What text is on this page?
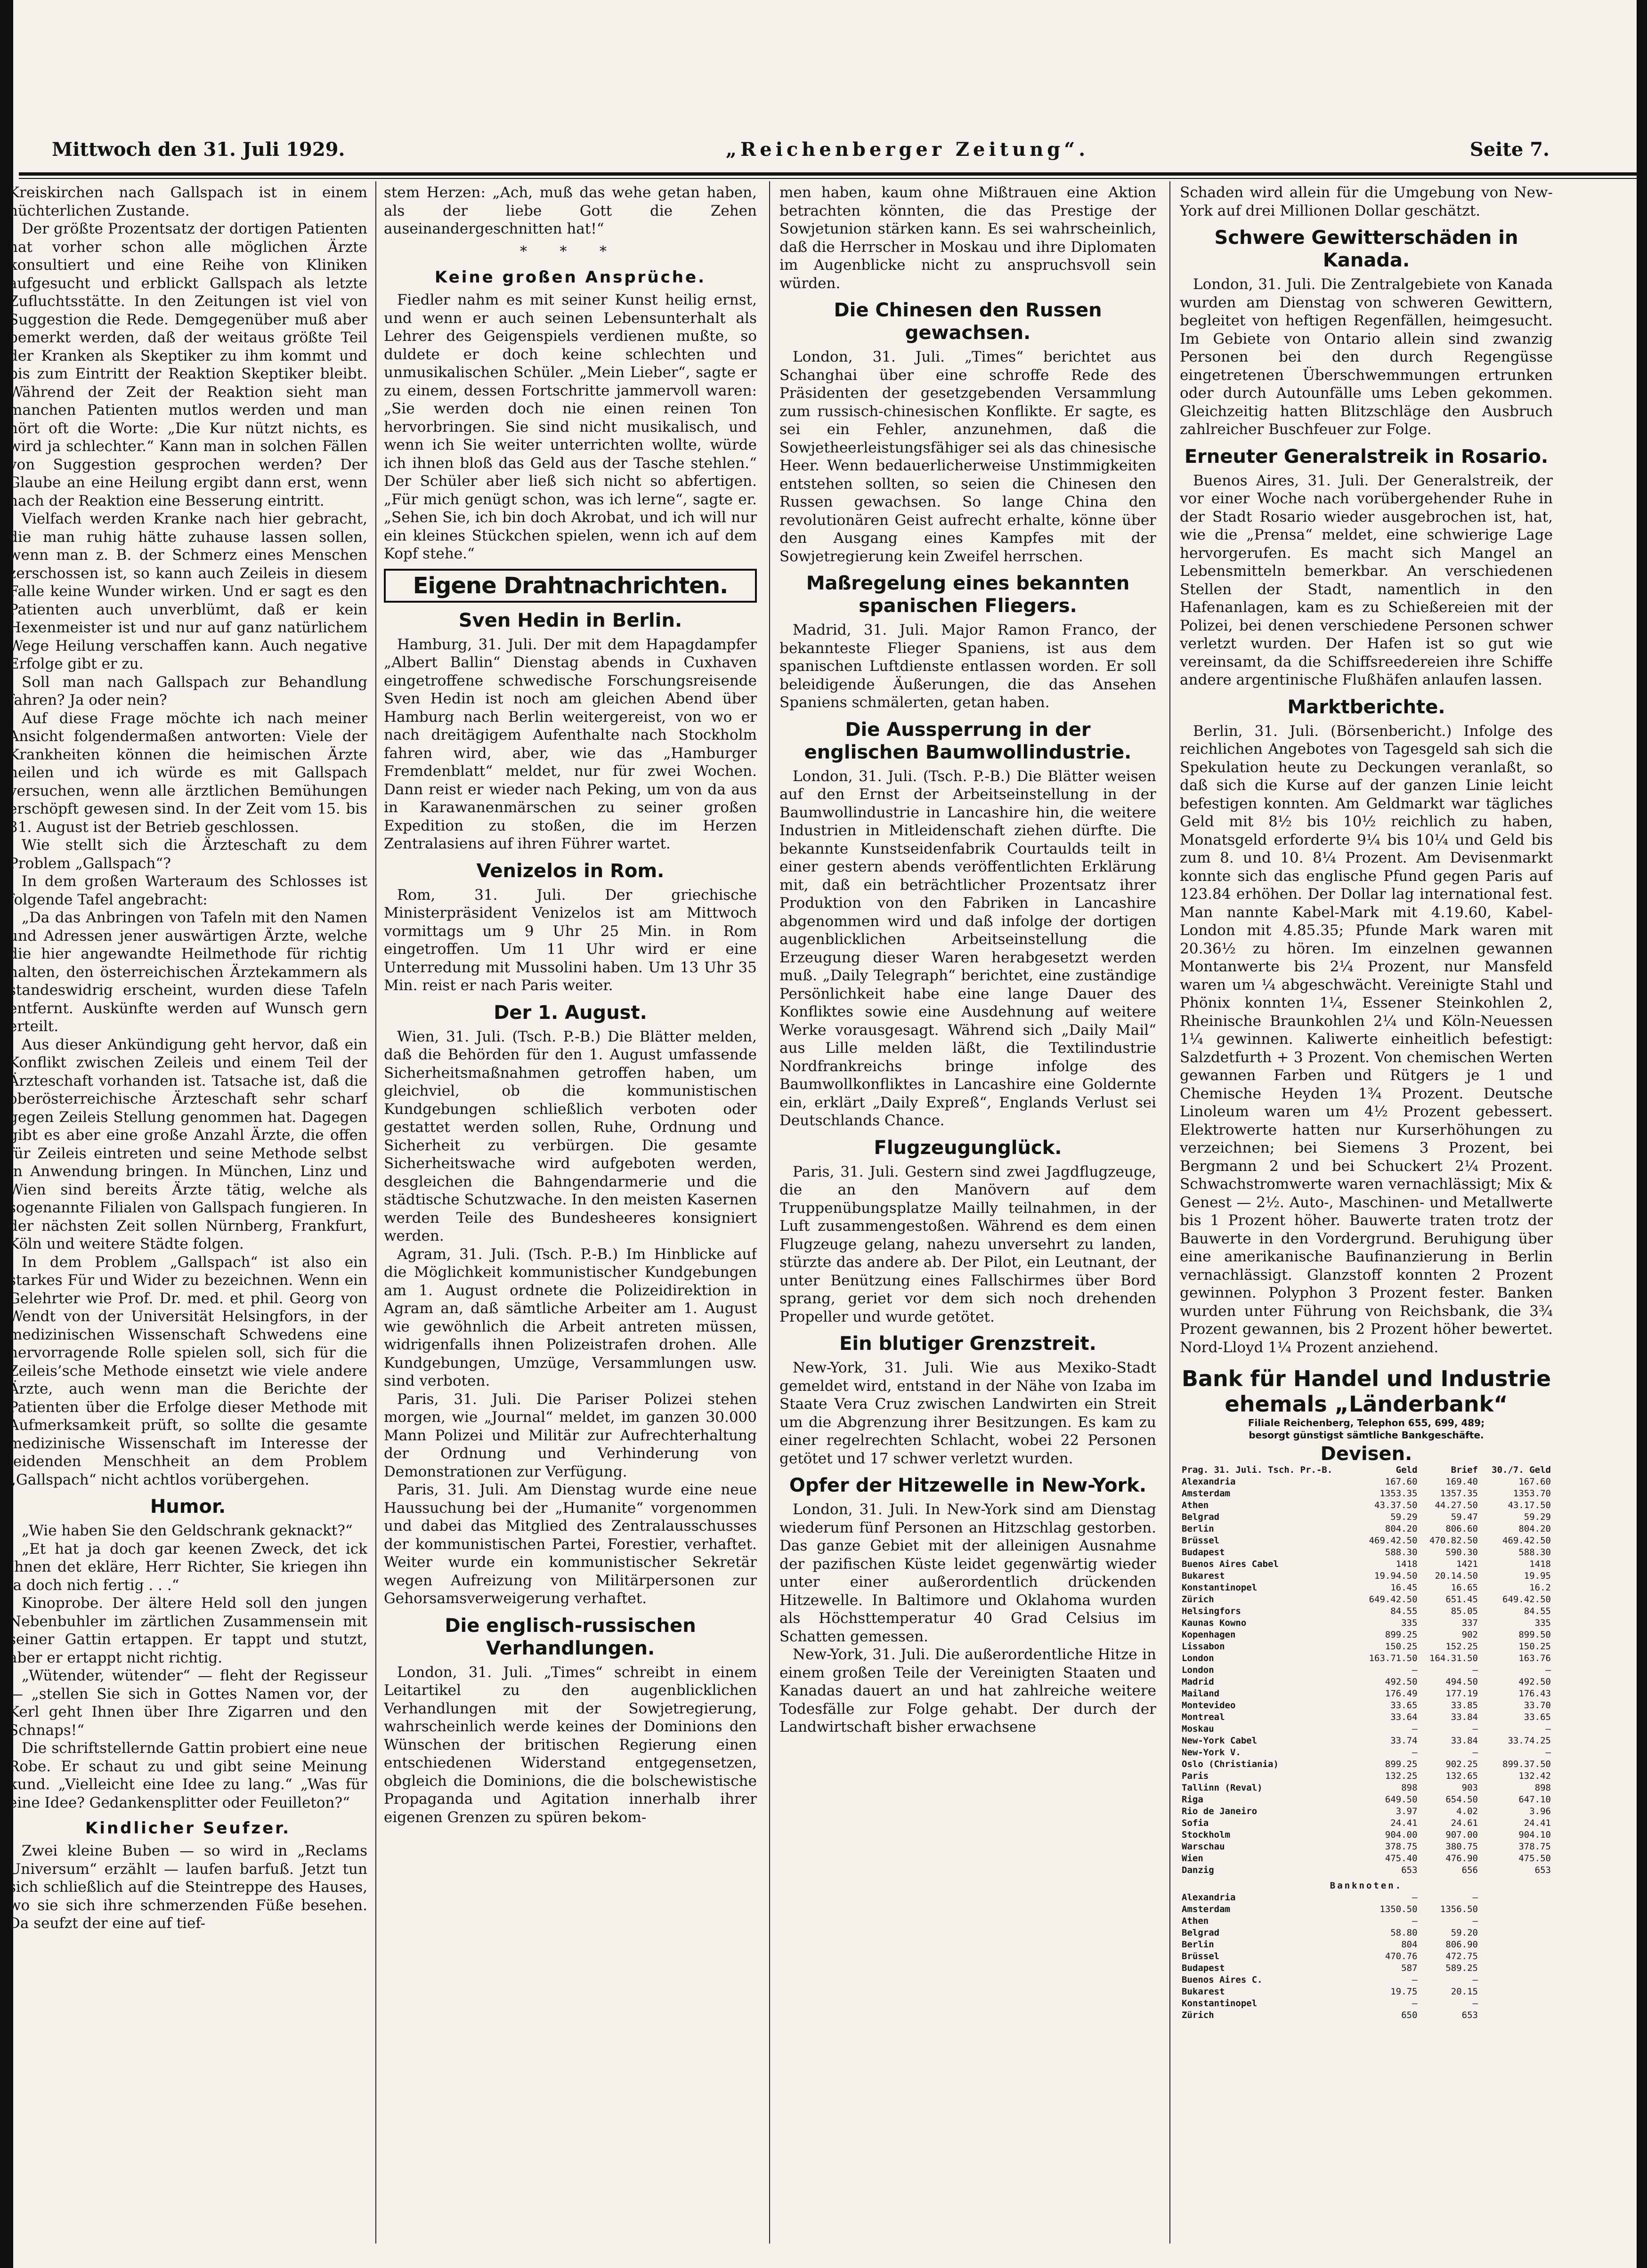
Mittwoch den 31. Juli 1929.	„Reichenberger Zeitung“.	Seite 7.

Kreiskirchen nach Gallspach ist in einem nüchterlichen Zustande.

Der größte Prozentsatz der dortigen Patienten hat vorher schon alle möglichen Ärzte konsultiert und eine Reihe von Kliniken aufgesucht und erblickt Gallspach als letzte Zufluchtsstätte. In den Zeitungen ist viel von Suggestion die Rede. Demgegenüber muß aber bemerkt werden, daß der weitaus größte Teil der Kranken als Skeptiker zu ihm kommt und bis zum Eintritt der Reaktion Skeptiker bleibt. Während der Zeit der Reaktion sieht man manchen Patienten mutlos werden und man hört oft die Worte: „Die Kur nützt nichts, es wird ja schlechter.“ Kann man in solchen Fällen von Suggestion gesprochen werden? Der Glaube an eine Heilung ergibt dann erst, wenn nach der Reaktion eine Besserung eintritt.

Vielfach werden Kranke nach hier gebracht, die man ruhig hätte zuhause lassen sollen, wenn man z. B. der Schmerz eines Menschen zerschossen ist, so kann auch Zeileis in diesem Falle keine Wunder wirken. Und er sagt es den Patienten auch unverblümt, daß er kein Hexenmeister ist und nur auf ganz natürlichem Wege Heilung verschaffen kann. Auch negative Erfolge gibt er zu.

Soll man nach Gallspach zur Behandlung fahren? Ja oder nein?

Auf diese Frage möchte ich nach meiner Ansicht folgendermaßen antworten: Viele der Krankheiten können die heimischen Ärzte heilen und ich würde es mit Gallspach versuchen, wenn alle ärztlichen Bemühungen erschöpft gewesen sind. In der Zeit vom 15. bis 31. August ist der Betrieb geschlossen.

Wie stellt sich die Ärzteschaft zu dem Problem „Gallspach“?

In dem großen Warteraum des Schlosses ist folgende Tafel angebracht:

„Da das Anbringen von Tafeln mit den Namen und Adressen jener auswärtigen Ärzte, welche die hier angewandte Heilmethode für richtig halten, den österreichischen Ärztekammern als standeswidrig erscheint, wurden diese Tafeln entfernt. Auskünfte werden auf Wunsch gern erteilt.

Aus dieser Ankündigung geht hervor, daß ein Konflikt zwischen Zeileis und einem Teil der Ärzteschaft vorhanden ist. Tatsache ist, daß die oberösterreichische Ärzteschaft sehr scharf gegen Zeileis Stellung genommen hat. Dagegen gibt es aber eine große Anzahl Ärzte, die offen für Zeileis eintreten und seine Methode selbst in Anwendung bringen. In München, Linz und Wien sind bereits Ärzte tätig, welche als sogenannte Filialen von Gallspach fungieren. In der nächsten Zeit sollen Nürnberg, Frankfurt, Köln und weitere Städte folgen.

In dem Problem „Gallspach“ ist also ein starkes Für und Wider zu bezeichnen. Wenn ein Gelehrter wie Prof. Dr. med. et phil. Georg von Wendt von der Universität Helsingfors, in der medizinischen Wissenschaft Schwedens eine hervorragende Rolle spielen soll, sich für die Zeileis’sche Methode einsetzt wie viele andere Ärzte, auch wenn man die Berichte der Patienten über die Erfolge dieser Methode mit Aufmerksamkeit prüft, so sollte die gesamte medizinische Wissenschaft im Interesse der leidenden Menschheit an dem Problem „Gallspach“ nicht achtlos vorübergehen.

Humor.

„Wie haben Sie den Geldschrank geknackt?“

„Et hat ja doch gar keenen Zweck, det ick Ihnen det ekläre, Herr Richter, Sie kriegen ihn ja doch nich fertig . . .“

Kinoprobe. Der ältere Held soll den jungen Nebenbuhler im zärtlichen Zusammensein mit seiner Gattin ertappen. Er tappt und stutzt, aber er ertappt nicht richtig.

„Wütender, wütender“ — fleht der Regisseur — „stellen Sie sich in Gottes Namen vor, der Kerl geht Ihnen über Ihre Zigarren und den Schnaps!“

Die schriftstellernde Gattin probiert eine neue Robe. Er schaut zu und gibt seine Meinung kund. „Vielleicht eine Idee zu lang.“ „Was für eine Idee? Gedankensplitter oder Feuilleton?“

Kindlicher Seufzer.

Zwei kleine Buben — so wird in „Reclams Universum“ erzählt — laufen barfuß. Jetzt tun sich schließlich auf die Steintreppe des Hauses, wo sie sich ihre schmerzenden Füße besehen. Da seufzt der eine auf tief-

stem Herzen: „Ach, muß das wehe getan haben, als der liebe Gott die Zehen auseinandergeschnitten hat!“

* * *
Keine großen Ansprüche.

Fiedler nahm es mit seiner Kunst heilig ernst, und wenn er auch seinen Lebensunterhalt als Lehrer des Geigenspiels verdienen mußte, so duldete er doch keine schlechten und unmusikalischen Schüler. „Mein Lieber“, sagte er zu einem, dessen Fortschritte jammervoll waren: „Sie werden doch nie einen reinen Ton hervorbringen. Sie sind nicht musikalisch, und wenn ich Sie weiter unterrichten wollte, würde ich ihnen bloß das Geld aus der Tasche stehlen.“ Der Schüler aber ließ sich nicht so abfertigen. „Für mich genügt schon, was ich lerne“, sagte er. „Sehen Sie, ich bin doch Akrobat, und ich will nur ein kleines Stückchen spielen, wenn ich auf dem Kopf stehe.“

Eigene Drahtnachrichten.
Sven Hedin in Berlin.

Hamburg, 31. Juli. Der mit dem Hapagdampfer „Albert Ballin“ Dienstag abends in Cuxhaven eingetroffene schwedische Forschungsreisende Sven Hedin ist noch am gleichen Abend über Hamburg nach Berlin weitergereist, von wo er nach dreitägigem Aufenthalte nach Stockholm fahren wird, aber, wie das „Hamburger Fremdenblatt“ meldet, nur für zwei Wochen. Dann reist er wieder nach Peking, um von da aus in Karawanenmärschen zu seiner großen Expedition zu stoßen, die im Herzen Zentralasiens auf ihren Führer wartet.

Venizelos in Rom.

Rom, 31. Juli. Der griechische Ministerpräsident Venizelos ist am Mittwoch vormittags um 9 Uhr 25 Min. in Rom eingetroffen. Um 11 Uhr wird er eine Unterredung mit Mussolini haben. Um 13 Uhr 35 Min. reist er nach Paris weiter.

Der 1. August.

Wien, 31. Juli. (Tsch. P.-B.) Die Blätter melden, daß die Behörden für den 1. August umfassende Sicherheitsmaßnahmen getroffen haben, um gleichviel, ob die kommunistischen Kundgebungen schließlich verboten oder gestattet werden sollen, Ruhe, Ordnung und Sicherheit zu verbürgen. Die gesamte Sicherheitswache wird aufgeboten werden, desgleichen die Bahngendarmerie und die städtische Schutzwache. In den meisten Kasernen werden Teile des Bundesheeres konsigniert werden.

Agram, 31. Juli. (Tsch. P.-B.) Im Hinblicke auf die Möglichkeit kommunistischer Kundgebungen am 1. August ordnete die Polizeidirektion in Agram an, daß sämtliche Arbeiter am 1. August wie gewöhnlich die Arbeit antreten müssen, widrigenfalls ihnen Polizeistrafen drohen. Alle Kundgebungen, Umzüge, Versammlungen usw. sind verboten.

Paris, 31. Juli. Die Pariser Polizei stehen morgen, wie „Journal“ meldet, im ganzen 30.000 Mann Polizei und Militär zur Aufrechterhaltung der Ordnung und Verhinderung von Demonstrationen zur Verfügung.

Paris, 31. Juli. Am Dienstag wurde eine neue Haussuchung bei der „Humanite“ vorgenommen und dabei das Mitglied des Zentralausschusses der kommunistischen Partei, Forestier, verhaftet. Weiter wurde ein kommunistischer Sekretär wegen Aufreizung von Militärpersonen zur Gehorsamsverweigerung verhaftet.

Die englisch-russischen
Verhandlungen.

London, 31. Juli. „Times“ schreibt in einem Leitartikel zu den augenblicklichen Verhandlungen mit der Sowjetregierung, wahrscheinlich werde keines der Dominions den Wünschen der britischen Regierung einen entschiedenen Widerstand entgegensetzen, obgleich die Dominions, die die bolschewistische Propaganda und Agitation innerhalb ihrer eigenen Grenzen zu spüren bekom-

men haben, kaum ohne Mißtrauen eine Aktion betrachten könnten, die das Prestige der Sowjetunion stärken kann. Es sei wahrscheinlich, daß die Herrscher in Moskau und ihre Diplomaten im Augenblicke nicht zu anspruchsvoll sein würden.

Die Chinesen den Russen gewachsen.

London, 31. Juli. „Times“ berichtet aus Schanghai über eine schroffe Rede des Präsidenten der gesetzgebenden Versammlung zum russisch-chinesischen Konflikte. Er sagte, es sei ein Fehler, anzunehmen, daß die Sowjetheerleistungsfähiger sei als das chinesische Heer. Wenn bedauerlicherweise Unstimmigkeiten entstehen sollten, so seien die Chinesen den Russen gewachsen. So lange China den revolutionären Geist aufrecht erhalte, könne über den Ausgang eines Kampfes mit der Sowjetregierung kein Zweifel herrschen.

Maßregelung eines bekannten
spanischen Fliegers.

Madrid, 31. Juli. Major Ramon Franco, der bekannteste Flieger Spaniens, ist aus dem spanischen Luftdienste entlassen worden. Er soll beleidigende Äußerungen, die das Ansehen Spaniens schmälerten, getan haben.

Die Aussperrung in der
englischen Baumwollindustrie.

London, 31. Juli. (Tsch. P.-B.) Die Blätter weisen auf den Ernst der Arbeitseinstellung in der Baumwollindustrie in Lancashire hin, die weitere Industrien in Mitleidenschaft ziehen dürfte. Die bekannte Kunstseidenfabrik Courtaulds teilt in einer gestern abends veröffentlichten Erklärung mit, daß ein beträchtlicher Prozentsatz ihrer Produktion von den Fabriken in Lancashire abgenommen wird und daß infolge der dortigen augenblicklichen Arbeitseinstellung die Erzeugung dieser Waren herabgesetzt werden muß. „Daily Telegraph“ berichtet, eine zuständige Persönlichkeit habe eine lange Dauer des Konfliktes sowie eine Ausdehnung auf weitere Werke vorausgesagt. Während sich „Daily Mail“ aus Lille melden läßt, die Textilindustrie Nordfrankreichs bringe infolge des Baumwollkonfliktes in Lancashire eine Goldernte ein, erklärt „Daily Expreß“, Englands Verlust sei Deutschlands Chance.

Flugzeugunglück.

Paris, 31. Juli. Gestern sind zwei Jagdflugzeuge, die an den Manövern auf dem Truppenübungsplatze Mailly teilnahmen, in der Luft zusammengestoßen. Während es dem einen Flugzeuge gelang, nahezu unversehrt zu landen, stürzte das andere ab. Der Pilot, ein Leutnant, der unter Benützung eines Fallschirmes über Bord sprang, geriet vor dem sich noch drehenden Propeller und wurde getötet.

Ein blutiger Grenzstreit.

New-York, 31. Juli. Wie aus Mexiko-Stadt gemeldet wird, entstand in der Nähe von Izaba im Staate Vera Cruz zwischen Landwirten ein Streit um die Abgrenzung ihrer Besitzungen. Es kam zu einer regelrechten Schlacht, wobei 22 Personen getötet und 17 schwer verletzt wurden.

Opfer der Hitzewelle in New-York.

London, 31. Juli. In New-York sind am Dienstag wiederum fünf Personen an Hitzschlag gestorben. Das ganze Gebiet mit der alleinigen Ausnahme der pazifischen Küste leidet gegenwärtig wieder unter einer außerordentlich drückenden Hitzewelle. In Baltimore und Oklahoma wurden als Höchsttemperatur 40 Grad Celsius im Schatten gemessen.

New-York, 31. Juli. Die außerordentliche Hitze in einem großen Teile der Vereinigten Staaten und Kanadas dauert an und hat zahlreiche weitere Todesfälle zur Folge gehabt. Der durch der Landwirtschaft bisher erwachsene

Schaden wird allein für die Umgebung von New-York auf drei Millionen Dollar geschätzt.

Schwere Gewitterschäden in Kanada.

London, 31. Juli. Die Zentralgebiete von Kanada wurden am Dienstag von schweren Gewittern, begleitet von heftigen Regenfällen, heimgesucht. Im Gebiete von Ontario allein sind zwanzig Personen bei den durch Regengüsse eingetretenen Überschwemmungen ertrunken oder durch Autounfälle ums Leben gekommen. Gleichzeitig hatten Blitzschläge den Ausbruch zahlreicher Buschfeuer zur Folge.

Erneuter Generalstreik in Rosario.

Buenos Aires, 31. Juli. Der Generalstreik, der vor einer Woche nach vorübergehender Ruhe in der Stadt Rosario wieder ausgebrochen ist, hat, wie die „Prensa“ meldet, eine schwierige Lage hervorgerufen. Es macht sich Mangel an Lebensmitteln bemerkbar. An verschiedenen Stellen der Stadt, namentlich in den Hafenanlagen, kam es zu Schießereien mit der Polizei, bei denen verschiedene Personen schwer verletzt wurden. Der Hafen ist so gut wie vereinsamt, da die Schiffsreedereien ihre Schiffe andere argentinische Flußhäfen anlaufen lassen.

Marktberichte.

Berlin, 31. Juli. (Börsenbericht.) Infolge des reichlichen Angebotes von Tagesgeld sah sich die Spekulation heute zu Deckungen veranlaßt, so daß sich die Kurse auf der ganzen Linie leicht befestigen konnten. Am Geldmarkt war tägliches Geld mit 8½ bis 10½ reichlich zu haben, Monatsgeld erforderte 9¼ bis 10¼ und Geld bis zum 8. und 10. 8¼ Prozent. Am Devisenmarkt konnte sich das englische Pfund gegen Paris auf 123.84 erhöhen. Der Dollar lag international fest. Man nannte Kabel-Mark mit 4.19.60, Kabel-London mit 4.85.35; Pfunde Mark waren mit 20.36½ zu hören. Im einzelnen gewannen Montanwerte bis 2¼ Prozent, nur Mansfeld waren um ¼ abgeschwächt. Vereinigte Stahl und Phönix konnten 1¼, Essener Steinkohlen 2, Rheinische Braunkohlen 2¼ und Köln-Neuessen 1¼ gewinnen. Kaliwerte einheitlich befestigt: Salzdetfurth + 3 Prozent. Von chemischen Werten gewannen Farben und Rütgers je 1 und Chemische Heyden 1¾ Prozent. Deutsche Linoleum waren um 4½ Prozent gebessert. Elektrowerte hatten nur Kurserhöhungen zu verzeichnen; bei Siemens 3 Prozent, bei Bergmann 2 und bei Schuckert 2¼ Prozent. Schwachstromwerte waren vernachlässigt; Mix & Genest — 2½. Auto-, Maschinen- und Metallwerte bis 1 Prozent höher. Bauwerte traten trotz der Bauwerte in den Vordergrund. Beruhigung über eine amerikanische Baufinanzierung in Berlin vernachlässigt. Glanzstoff konnten 2 Prozent gewinnen. Polyphon 3 Prozent fester. Banken wurden unter Führung von Reichsbank, die 3¾ Prozent gewannen, bis 2 Prozent höher bewertet. Nord-Lloyd 1¼ Prozent anziehend.

Bank für Handel und Industrie
ehemals „Länderbank“
Filiale Reichenberg, Telephon 655, 699, 489;
besorgt günstigst sämtliche Bankgeschäfte.
Devisen.
Prag. 31. Juli. Tsch. Pr.-B.	Geld	Brief	30./7. Geld
Alexandria	167.60	169.40	167.60
Amsterdam	1353.35	1357.35	1353.70
Athen	43.37.50	44.27.50	43.17.50
Belgrad	59.29	59.47	59.29
Berlin	804.20	806.60	804.20
Brüssel	469.42.50	470.82.50	469.42.50
Budapest	588.30	590.30	588.30
Buenos Aires Cabel	1418	1421	1418
Bukarest	19.94.50	20.14.50	19.95
Konstantinopel	16.45	16.65	16.2
Zürich	649.42.50	651.45	649.42.50
Helsingfors	84.55	85.05	84.55
Kaunas Kowno	335	337	335
Kopenhagen	899.25	902	899.50
Lissabon	150.25	152.25	150.25
London	163.71.50	164.31.50	163.76
London	—	—	—
Madrid	492.50	494.50	492.50
Mailand	176.49	177.19	176.43
Montevideo	33.65	33.85	33.70
Montreal	33.64	33.84	33.65
Moskau	—	—	—
New-York Cabel	33.74	33.84	33.74.25
New-York V.	—	—	—
Oslo (Christiania)	899.25	902.25	899.37.50
Paris	132.25	132.65	132.42
Tallinn (Reval)	898	903	898
Riga	649.50	654.50	647.10
Rio de Janeiro	3.97	4.02	3.96
Sofia	24.41	24.61	24.41
Stockholm	904.00	907.00	904.10
Warschau	378.75	380.75	378.75
Wien	475.40	476.90	475.50
Danzig	653	656	653
Banknoten.			
Alexandria	—	—	
Amsterdam	1350.50	1356.50	
Athen	—	—	
Belgrad	58.80	59.20	
Berlin	804	806.90	
Brüssel	470.76	472.75	
Budapest	587	589.25	
Buenos Aires C.	—	—	
Bukarest	19.75	20.15	
Konstantinopel	—	—	
Zürich	650	653	
